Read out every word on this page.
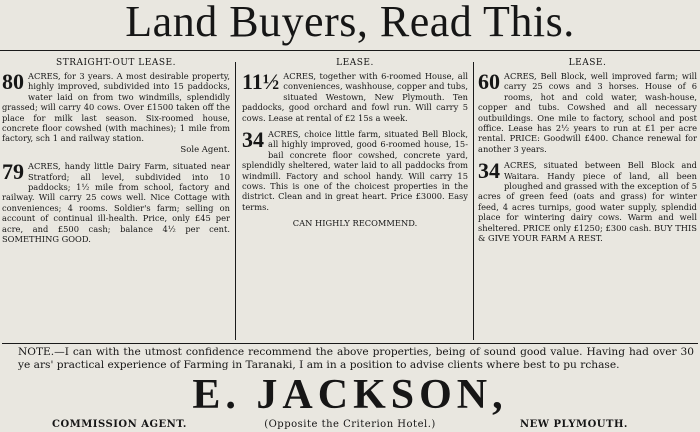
Land Buyers, Read This.
STRAIGHT-OUT LEASE.
80 ACRES, for 3 years. A most desirable property, highly improved, subdivided into 15 paddocks, water laid on from two windmills, splendidly grassed; will carry 40 cows. Over £1500 taken off the place for milk last season. Six-roomed house, concrete floor cowshed (with machines); 1 mile from factory, sch 1 and railway station.
Sole Agent.
79 ACRES, handy little Dairy Farm, situated near Stratford; all level, subdivided into 10 paddocks; 1½ mile from school, factory and railway. Will carry 25 cows well. Nice Cottage with conveniences; 4 rooms. Soldier's farm; selling on account of continual ill-health. Price, only £45 per acre, and £500 cash; balance 4½ per cent. SOMETHING GOOD.
LEASE.
11½ ACRES, together with 6-roomed House, all conveniences, washhouse, copper and tubs, situated Westown, New Plymouth. Ten paddocks, good orchard and fowl run. Will carry 5 cows. Lease at rental of £2 15s a week.
34 ACRES, choice little farm, situated Bell Block, all highly improved, good 6-roomed house, 15-bail concrete floor cowshed, concrete yard, splendidly sheltered, water laid to all paddocks from windmill. Factory and school handy. Will carry 15 cows. This is one of the choicest properties in the district. Clean and in great heart. Price £3000. Easy terms.
CAN HIGHLY RECOMMEND.
LEASE.
60 ACRES, Bell Block, well improved farm; will carry 25 cows and 3 horses. House of 6 rooms, hot and cold water, wash-house, copper and tubs. Cowshed and all necessary outbuildings. One mile to factory, school and post office. Lease has 2½ years to run at £1 per acre rental. PRICE: Goodwill £400. Chance renewal for another 3 years.
34 ACRES, situated between Bell Block and Waitara. Handy piece of land, all been ploughed and grassed with the exception of 5 acres of green feed (oats and grass) for winter feed, 4 acres turnips, good water supply, splendid place for wintering dairy cows. Warm and well sheltered. PRICE only £1250; £300 cash. BUY THIS & GIVE YOUR FARM A REST.
NOTE.—I can with the utmost confidence recommend the above properties, being of sound good value. Having had over 30 ye ars' practical experience of Farming in Taranaki, I am in a position to advise clients where best to pu rchase.
E. JACKSON,
COMMISSION AGENT.	(Opposite the Criterion Hotel.)	NEW PLYMOUTH.
